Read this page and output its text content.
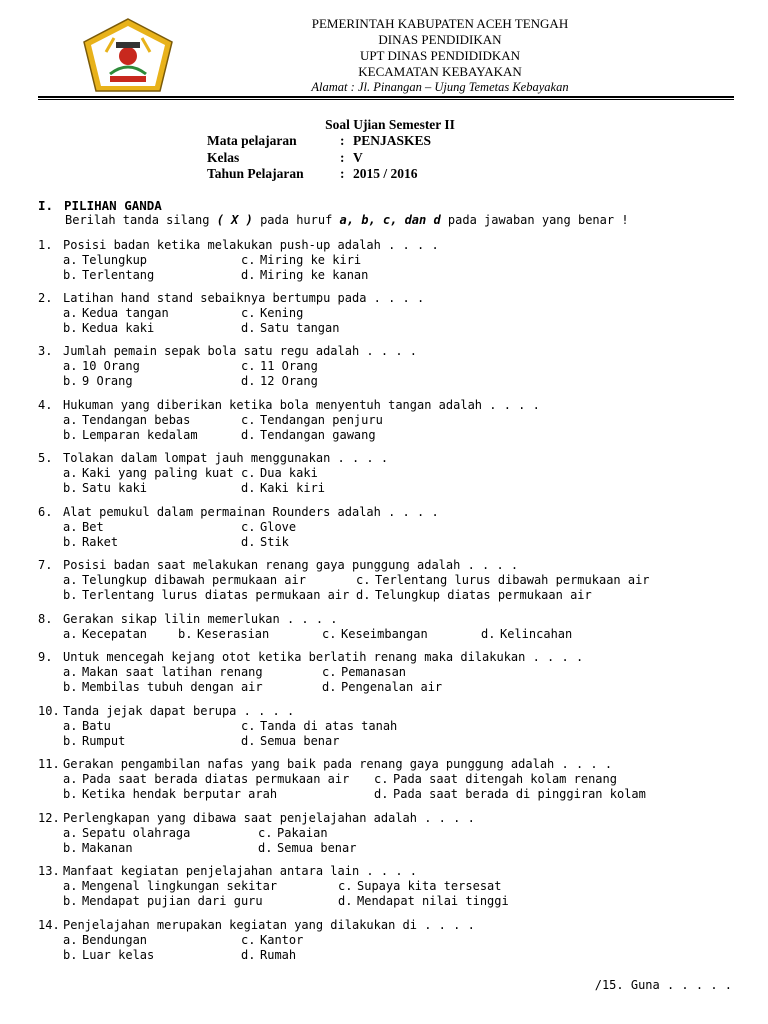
PEMERINTAH KABUPATEN ACEH TENGAH
DINAS PENDIDIKAN
UPT DINAS PENDIDIDKAN
KECAMATAN KEBAYAKAN
Alamat : Jl. Pinangan – Ujung Temetas Kebayakan
Soal Ujian Semester II
Mata pelajaran	: PENJASKES
Kelas	: V
Tahun Pelajaran	: 2015 / 2016
I. PILIHAN GANDA
Berilah tanda silang ( X ) pada huruf a, b, c, dan d pada jawaban yang benar !
1. Posisi badan ketika melakukan push-up adalah . . . .
a. Telungkup
b. Terlentang
c. Miring ke kiri
d. Miring ke kanan
2. Latihan hand stand sebaiknya bertumpu pada . . . .
a. Kedua tangan
b. Kedua kaki
c. Kening
d. Satu tangan
3. Jumlah pemain sepak bola satu regu adalah . . . .
a. 10 Orang
b. 9 Orang
c. 11 Orang
d. 12 Orang
4. Hukuman yang diberikan ketika bola menyentuh tangan adalah . . . .
a. Tendangan bebas
b. Lemparan kedalam
c. Tendangan penjuru
d. Tendangan gawang
5. Tolakan dalam lompat jauh menggunakan . . . .
a. Kaki yang paling kuat
b. Satu kaki
c. Dua kaki
d. Kaki kiri
6. Alat pemukul dalam permainan Rounders adalah . . . .
a. Bet
b. Raket
c. Glove
d. Stik
7. Posisi badan saat melakukan renang gaya punggung adalah . . . .
a. Telungkup dibawah permukaan air
b. Terlentang lurus diatas permukaan air
c. Terlentang lurus dibawah permukaan air
d. Telungkup diatas permukaan air
8. Gerakan sikap lilin memerlukan . . . .
a. Kecepatan	b. Keserasian	c. Keseimbangan	d. Kelincahan
9. Untuk mencegah kejang otot ketika berlatih renang maka dilakukan . . . .
a. Makan saat latihan renang
b. Membilas tubuh dengan air
c. Pemanasan
d. Pengenalan air
10. Tanda jejak dapat berupa . . . .
a. Batu
b. Rumput
c. Tanda di atas tanah
d. Semua benar
11. Gerakan pengambilan nafas yang baik pada renang gaya punggung adalah . . . .
a. Pada saat berada diatas permukaan air
b. Ketika hendak berputar arah
c. Pada saat ditengah kolam renang
d. Pada saat berada di pinggiran kolam
12. Perlengkapan yang dibawa saat penjelajahan adalah . . . .
a. Sepatu olahraga
b. Makanan
c. Pakaian
d. Semua benar
13. Manfaat kegiatan penjelajahan antara lain . . . .
a. Mengenal lingkungan sekitar
b. Mendapat pujian dari guru
c. Supaya kita tersesat
d. Mendapat nilai tinggi
14. Penjelajahan merupakan kegiatan yang dilakukan di . . . .
a. Bendungan
b. Luar kelas
c. Kantor
d. Rumah
/15. Guna . . . . .
